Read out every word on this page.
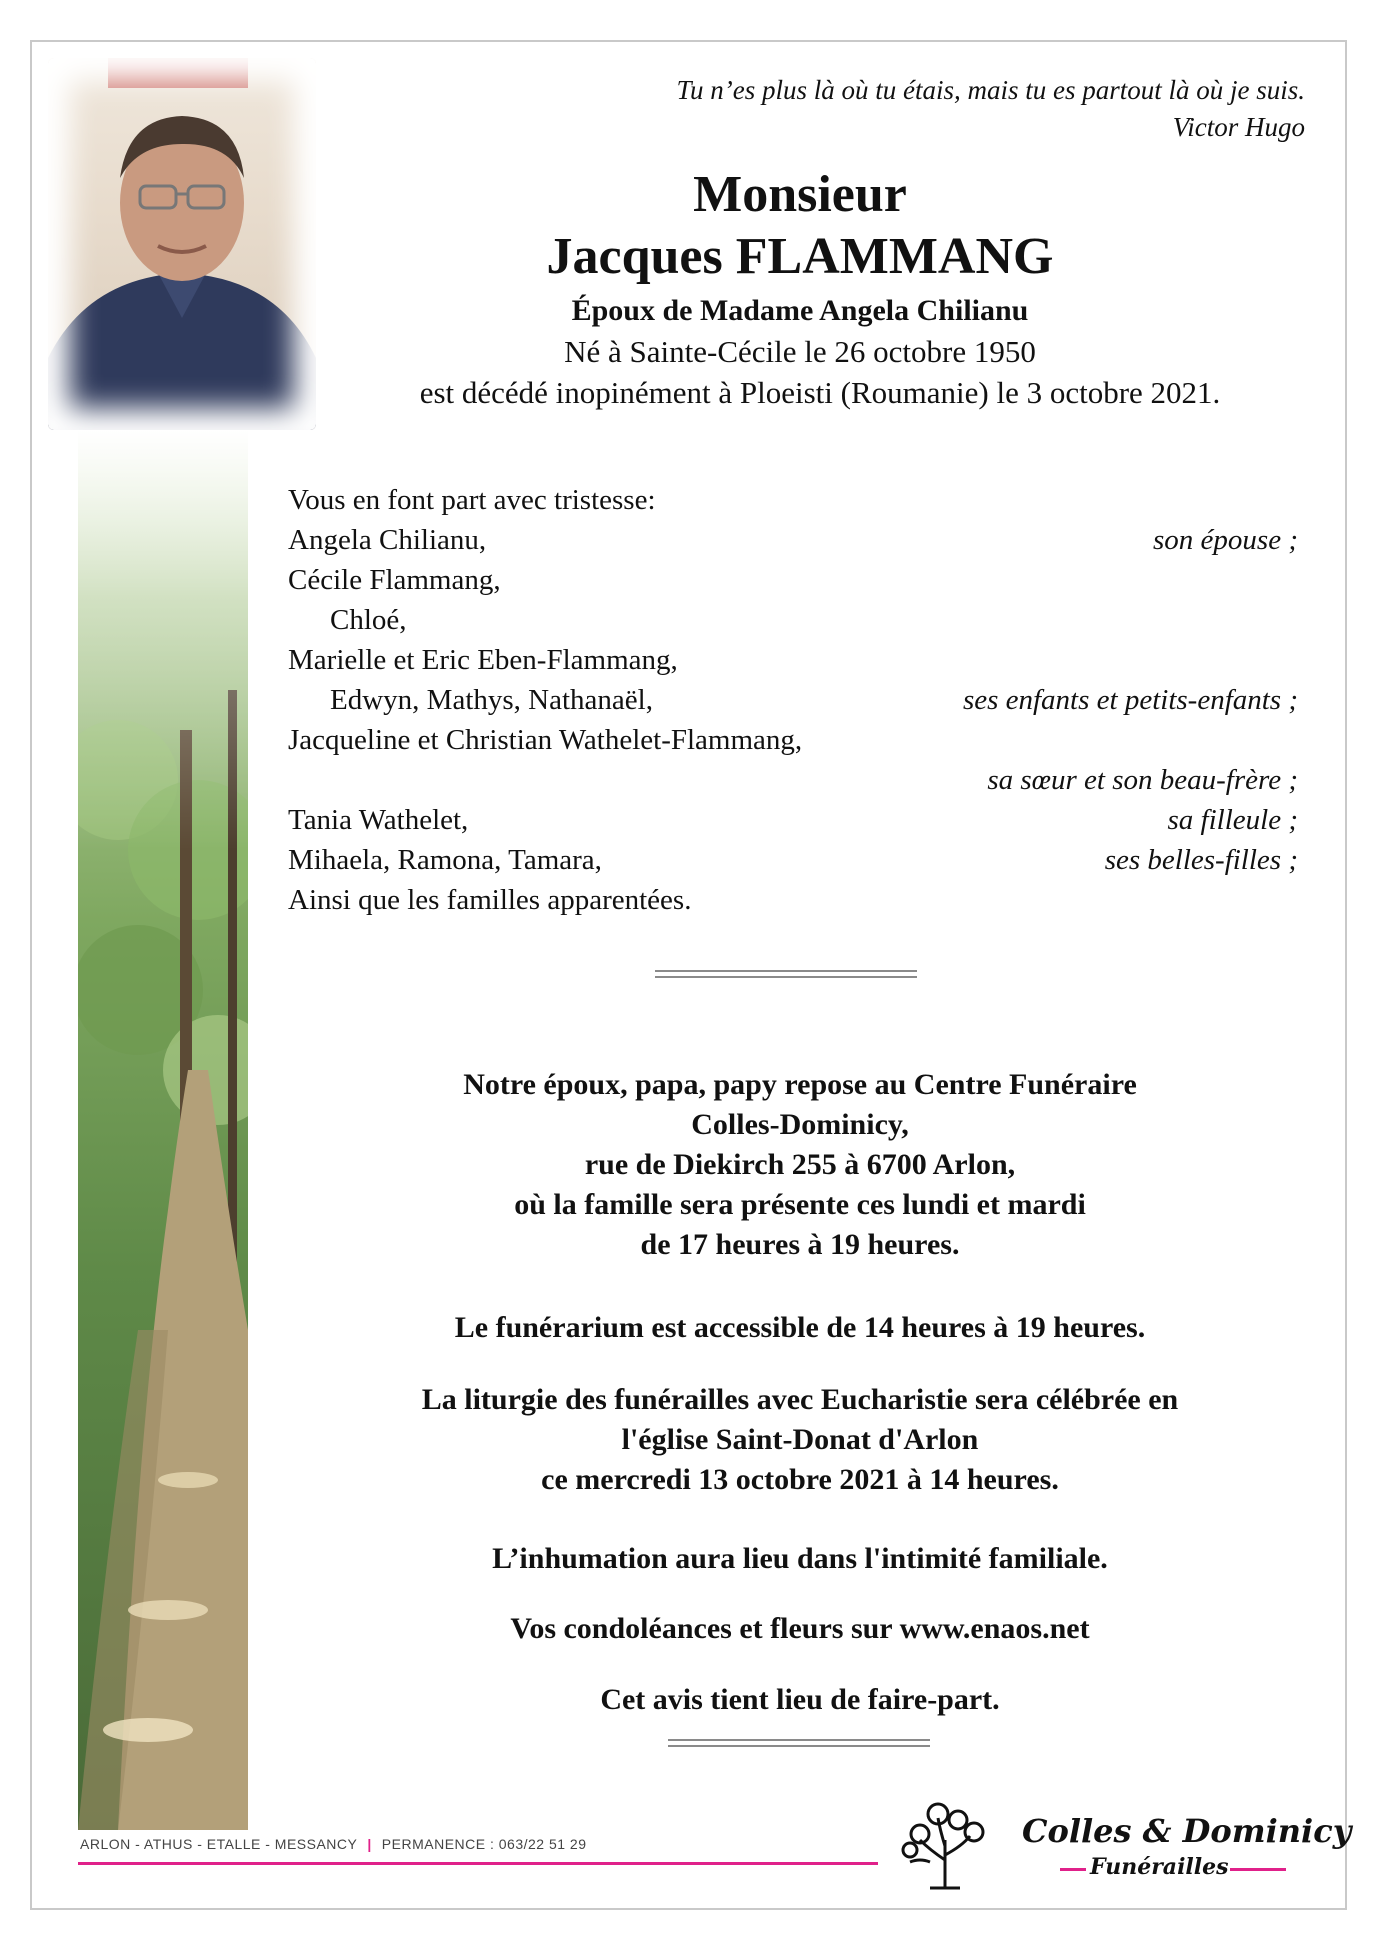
Tu n’es plus là où tu étais, mais tu es partout là où je suis.
Victor Hugo
Monsieur
Jacques FLAMMANG
Époux de Madame Angela Chilianu
Né à Sainte-Cécile le 26 octobre 1950
est décédé inopinément à Ploeisti (Roumanie) le 3 octobre 2021.
Vous en font part avec tristesse:
Angela Chilianu,	son épouse ;
Cécile Flammang,
Chloé,
Marielle et Eric Eben-Flammang,
Edwyn, Mathys, Nathanaël,	ses enfants et petits-enfants ;
Jacqueline et Christian Wathelet-Flammang,
sa sœur et son beau-frère ;
Tania Wathelet,	sa filleule ;
Mihaela, Ramona, Tamara,	ses belles-filles ;
Ainsi que les familles apparentées.
Notre époux, papa, papy repose au Centre Funéraire
Colles-Dominicy,
rue de Diekirch 255 à 6700 Arlon,
où la famille sera présente ces lundi et mardi
de 17 heures à 19 heures.
Le funérarium est accessible de 14 heures à 19 heures.
La liturgie des funérailles avec Eucharistie sera célébrée en
l'église Saint-Donat d'Arlon
ce mercredi 13 octobre 2021 à 14 heures.
L’inhumation aura lieu dans l'intimité familiale.
Vos condoléances et fleurs sur www.enaos.net
Cet avis tient lieu de faire-part.
ARLON - ATHUS - ETALLE - MESSANCY | PERMANENCE : 063/22 51 29	Colles & Dominicy
Funérailles
